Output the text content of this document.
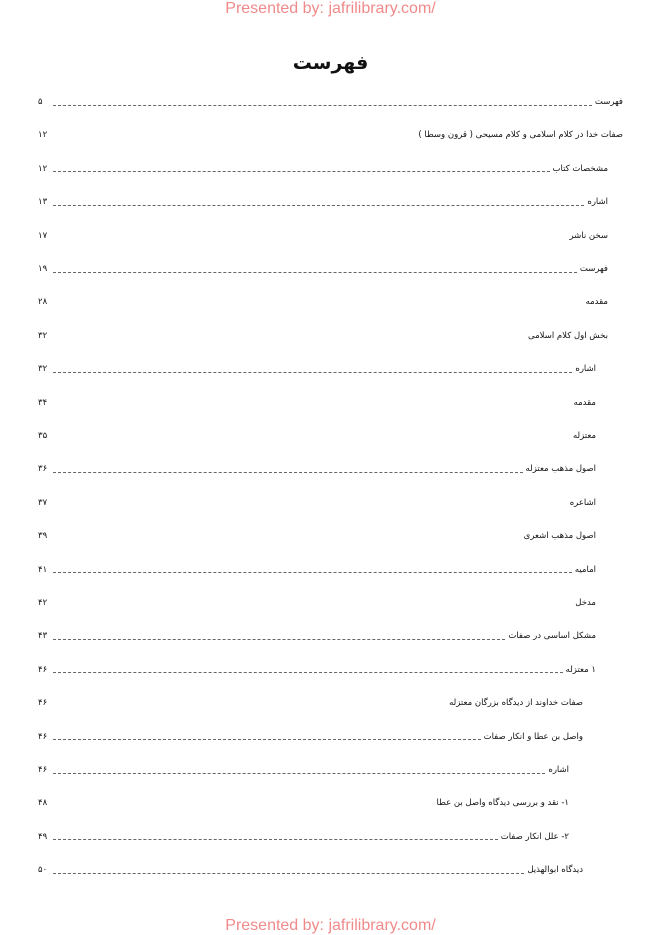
Presented by: jafrilibrary.com/
فهرست
فهرست
۵
صفات خدا در کلام اسلامی و کلام مسیحی ( قرون وسطا )
۱۲
مشخصات کتاب
۱۲
اشاره
۱۳
سخن ناشر
۱۷
فهرست
۱۹
مقدمه
۲۸
بخش اول کلام اسلامی
۳۲
اشاره
۳۲
مقدمه
۳۴
معتزله
۳۵
اصول مذهب معتزله
۳۶
اشاعره
۳۷
اصول مذهب اشعری
۳۹
امامیه
۴۱
مدخل
۴۲
مشکل اساسی در صفات
۴۳
۱ معتزله
۴۶
صفات خداوند از دیدگاه بزرگان معتزله
۴۶
واصل بن عطا و انکار صفات
۴۶
اشاره
۴۶
۱- نقد و بررسی دیدگاه واصل بن عطا
۴۸
۲- علل انکار صفات
۴۹
دیدگاه ابوالهذیل
۵۰
Presented by: jafrilibrary.com/
